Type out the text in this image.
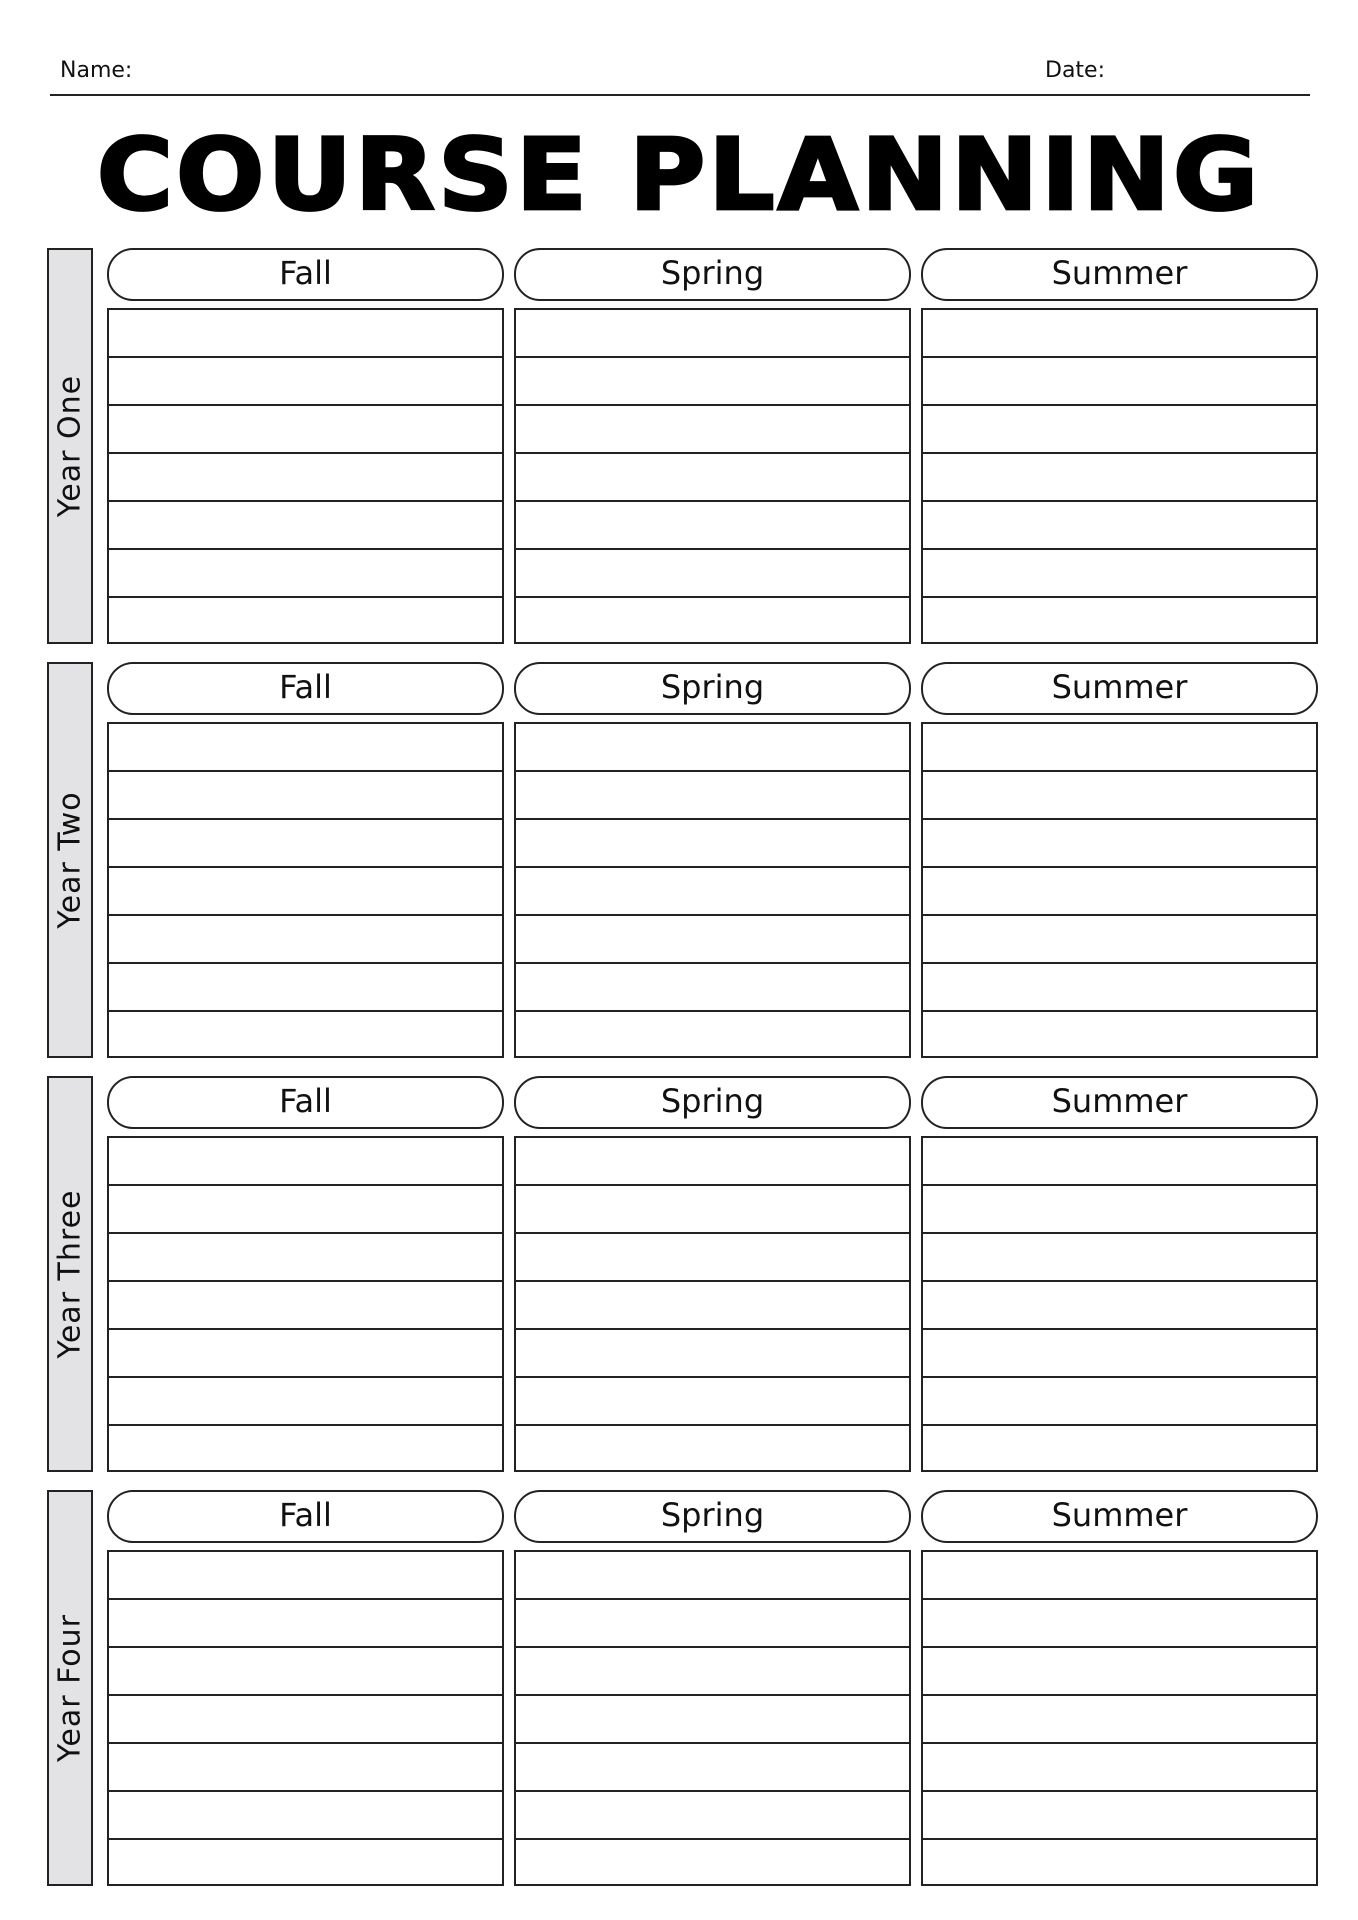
Name:	Date:
COURSE PLANNING
Year One
Fall	Spring	Summer
Year Two
Fall	Spring	Summer
Year Three
Fall	Spring	Summer
Year Four
Fall	Spring	Summer
